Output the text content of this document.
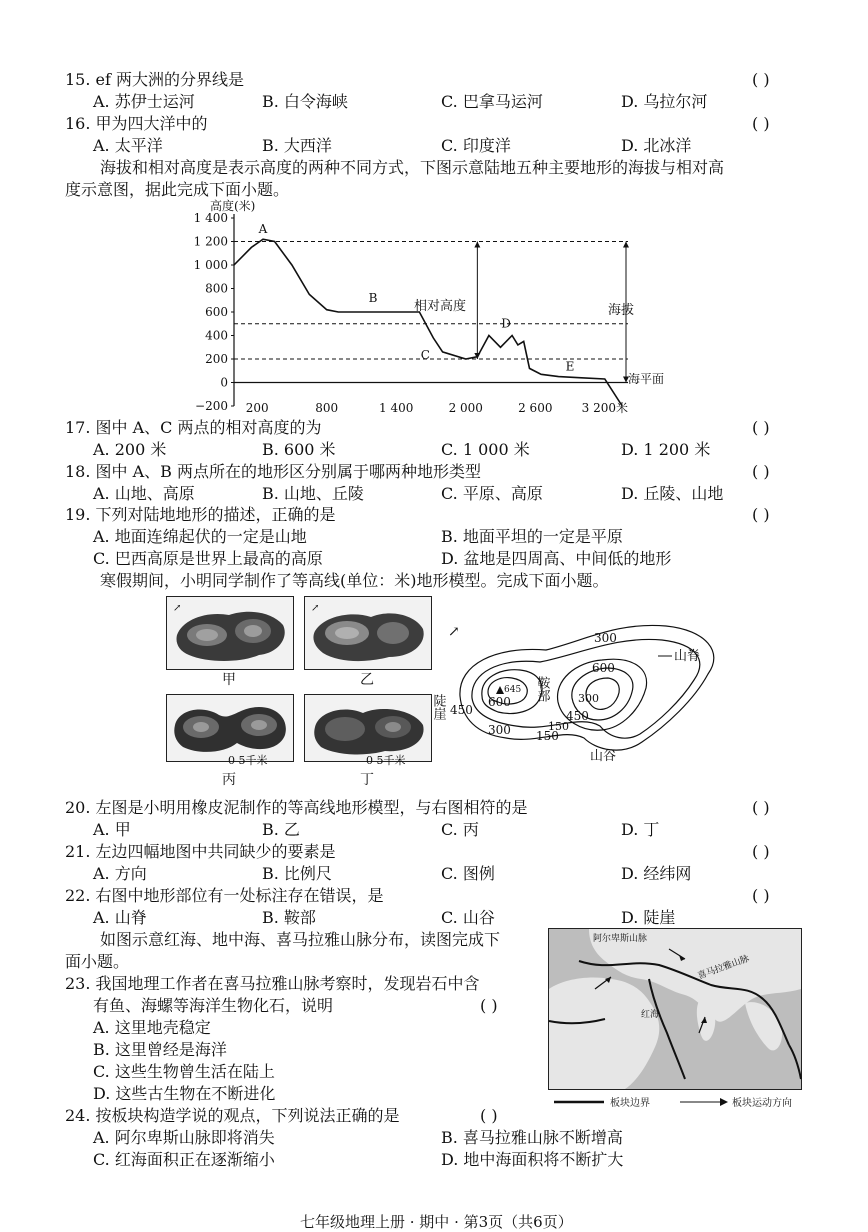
15. ef 两大洲的分界线是	( )
A. 苏伊士运河	B. 白令海峡	C. 巴拿马运河	D. 乌拉尔河
16. 甲为四大洋中的	( )
A. 太平洋	B. 大西洋	C. 印度洋	D. 北冰洋
海拔和相对高度是表示高度的两种不同方式，下图示意陆地五种主要地形的海拔与相对高
度示意图，据此完成下面小题。
1 400
1 200
1 000
800
600
400
200
0
−200 200	800	1 400	2 000	2 600 3 200米
A
B
C
D
E
高度(米)
相对高度	海拔
海平面
17. 图中 A、C 两点的相对高度的为	( )
A. 200 米	B. 600 米	C. 1 000 米	D. 1 200 米
18. 图中 A、B 两点所在的地形区分别属于哪两种地形类型	( )
A. 山地、高原	B. 山地、丘陵	C. 平原、高原	D. 丘陵、山地
19. 下列对陆地地形的描述，正确的是	( )
A. 地面连绵起伏的一定是山地	B. 地面平坦的一定是平原
C. 巴西高原是世界上最高的高原	D. 盆地是四周高、中间低的地形
寒假期间，小明同学制作了等高线(单位：米)地形模型。完成下面小题。
↗
甲
↗
乙
0 5千米
丙
0 5千米
丁
↗
645
300
600
600
450
300 150
450
300
150
山脊
山谷
陡崖
鞍部
20. 左图是小明用橡皮泥制作的等高线地形模型，与右图相符的是	( )
A. 甲	B. 乙	C. 丙	D. 丁
21. 左边四幅地图中共同缺少的要素是	( )
A. 方向	B. 比例尺	C. 图例	D. 经纬网
22. 右图中地形部位有一处标注存在错误，是	( )
A. 山脊	B. 鞍部	C. 山谷	D. 陡崖
如图示意红海、地中海、喜马拉雅山脉分布，读图完成下
面小题。
23. 我国地理工作者在喜马拉雅山脉考察时，发现岩石中含
有鱼、海螺等海洋生物化石，说明	( )
A. 这里地壳稳定
B. 这里曾经是海洋
C. 这些生物曾生活在陆上
D. 这些古生物在不断进化
阿尔卑斯山脉
喜马拉雅山脉
红海
板块边界	板块运动方向
24. 按板块构造学说的观点，下列说法正确的是	( )
A. 阿尔卑斯山脉即将消失	B. 喜马拉雅山脉不断增高
C. 红海面积正在逐渐缩小	D. 地中海面积将不断扩大
七年级地理上册 · 期中 · 第3页（共6页）
